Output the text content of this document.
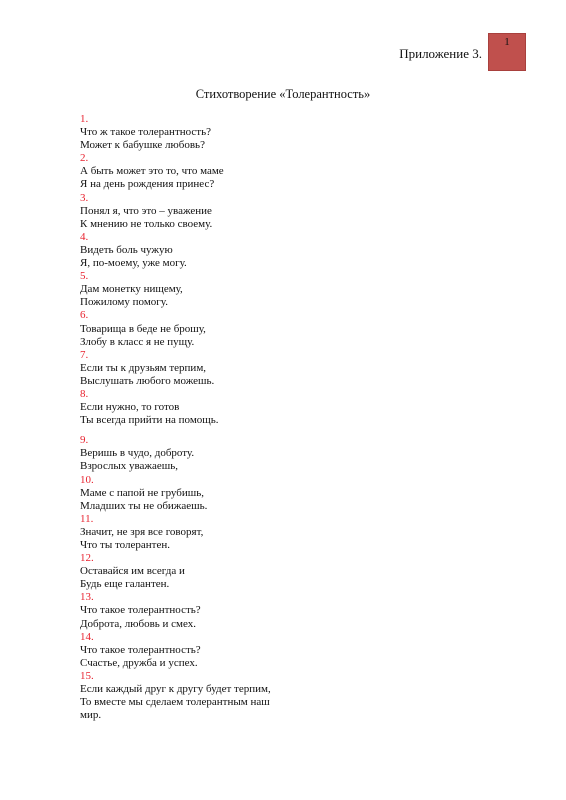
1
Приложение 3.
Стихотворение «Толерантность»
1.
Что ж такое толерантность?
Может к бабушке любовь?
2.
А быть может это то, что маме
Я на день рождения принес?
3.
Понял я, что это – уважение
К мнению не только своему.
4.
Видеть боль чужую
Я, по-моему, уже могу.
5.
Дам монетку нищему,
Пожилому помогу.
6.
Товарища в беде не брошу,
Злобу в класс я не пущу.
7.
Если ты к друзьям терпим,
Выслушать любого можешь.
8.
Если нужно, то готов
Ты всегда прийти на помощь.
9.
Веришь в чудо, доброту.
Взрослых уважаешь,
10.
Маме с папой не грубишь,
Младших ты не обижаешь.
11.
Значит, не зря все говорят,
Что ты толерантен.
12.
Оставайся им всегда и
Будь еще галантен.
13.
Что такое толерантность?
Доброта, любовь и смех.
14.
Что такое толерантность?
Счастье, дружба и успех.
15.
Если каждый друг к другу будет терпим,
То вместе мы сделаем толерантным наш
мир.
